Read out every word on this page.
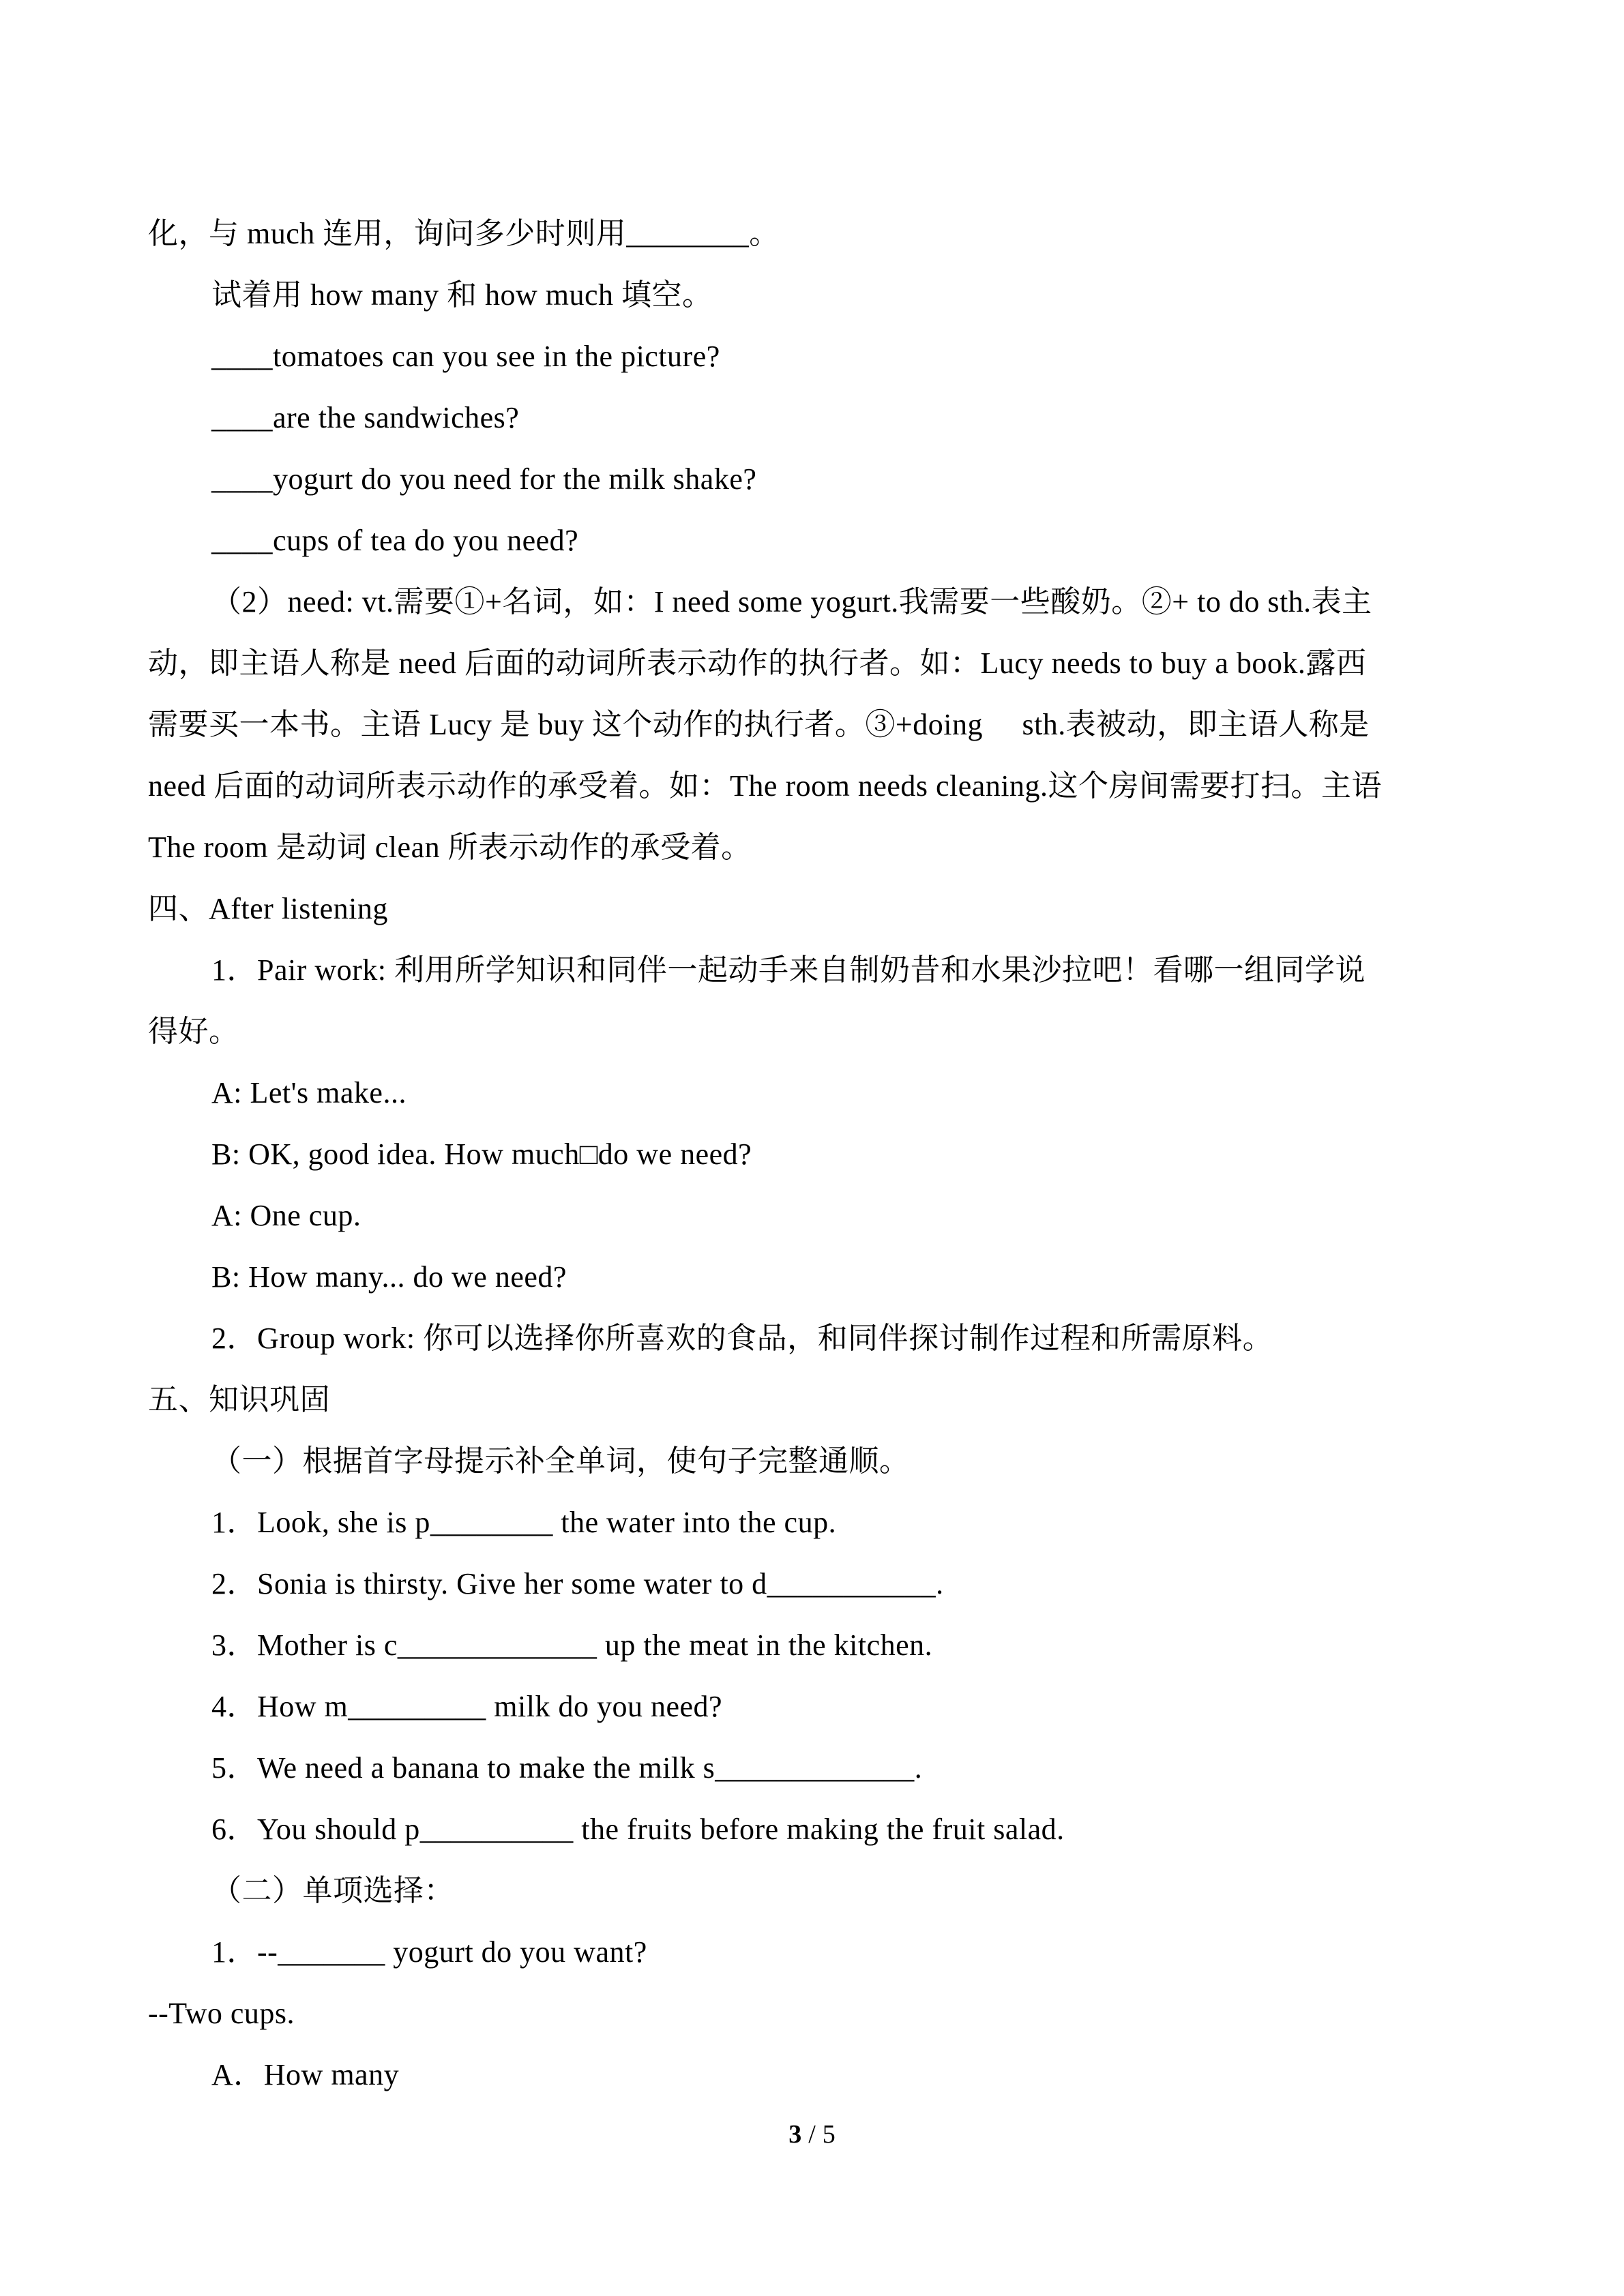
化，与 much 连用，询问多少时则用________。
试着用 how many 和 how much 填空。
____tomatoes can you see in the picture?
____are the sandwiches?
____yogurt do you need for the milk shake?
____cups of tea do you need?
（2）need: vt.需要①+名词，如：I need some yogurt.我需要一些酸奶。②+ to do sth.表主
动，即主语人称是 need 后面的动词所表示动作的执行者。如：Lucy needs to buy a book.露西
需要买一本书。主语 Lucy 是 buy 这个动作的执行者。③+doing     sth.表被动，即主语人称是
need 后面的动词所表示动作的承受着。如：The room needs cleaning.这个房间需要打扫。主语
The room 是动词 clean 所表示动作的承受着。
四、After listening
1．Pair work: 利用所学知识和同伴一起动手来自制奶昔和水果沙拉吧！看哪一组同学说
得好。
A: Let's make...
B: OK, good idea. How much□do we need?
A: One cup.
B: How many... do we need?
2．Group work: 你可以选择你所喜欢的食品，和同伴探讨制作过程和所需原料。
五、知识巩固
（一）根据首字母提示补全单词，使句子完整通顺。
1．Look, she is p________ the water into the cup.
2．Sonia is thirsty. Give her some water to d___________.
3．Mother is c_____________ up the meat in the kitchen.
4．How m_________ milk do you need?
5．We need a banana to make the milk s_____________.
6．You should p__________ the fruits before making the fruit salad.
（二）单项选择：
1．--_______ yogurt do you want?
--Two cups.
A．How many
3 / 5
